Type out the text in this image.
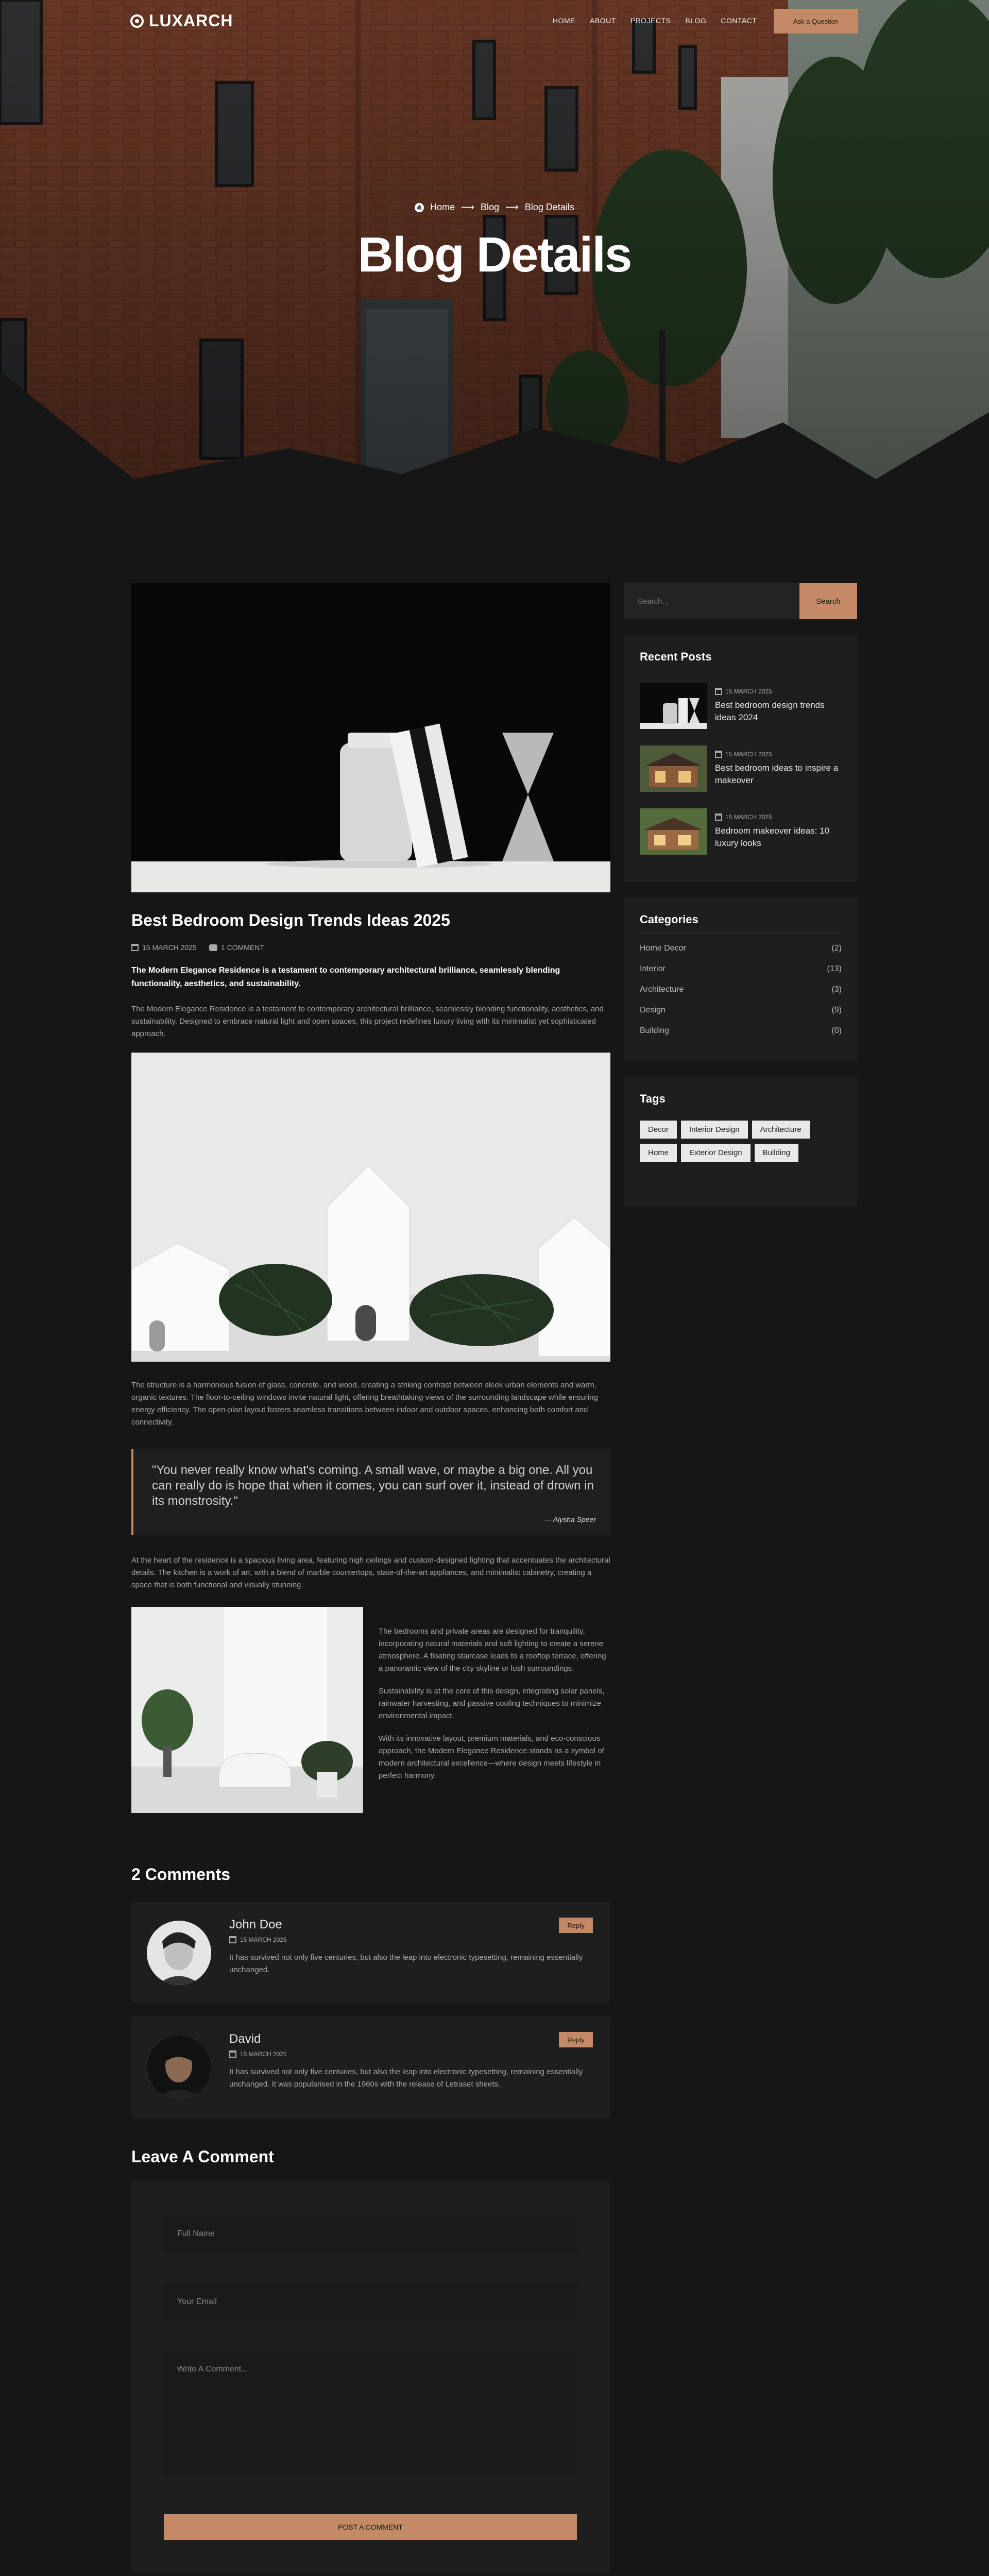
LUXARCH	HOME ABOUT PROJECTS BLOG CONTACT	Ask a Question
Home ⟶ Blog ⟶ Blog Details
Blog Details
Best Bedroom Design Trends Ideas 2025
15 MARCH 2025	1 COMMENT

The Modern Elegance Residence is a testament to contemporary architectural brilliance, seamlessly blending functionality, aesthetics, and sustainability.

The Modern Elegance Residence is a testament to contemporary architectural brilliance, seamlessly blending functionality, aesthetics, and sustainability. Designed to embrace natural light and open spaces, this project redefines luxury living with its minimalist yet sophisticated approach.

The structure is a harmonious fusion of glass, concrete, and wood, creating a striking contrast between sleek urban elements and warm, organic textures. The floor-to-ceiling windows invite natural light, offering breathtaking views of the surrounding landscape while ensuring energy efficiency. The open-plan layout fosters seamless transitions between indoor and outdoor spaces, enhancing both comfort and connectivity.

"You never really know what's coming. A small wave, or maybe a big one. All you can really do is hope that when it comes, you can surf over it, instead of drown in its monstrosity."

— Alysha Speer

At the heart of the residence is a spacious living area, featuring high ceilings and custom-designed lighting that accentuates the architectural details. The kitchen is a work of art, with a blend of marble countertops, state-of-the-art appliances, and minimalist cabinetry, creating a space that is both functional and visually stunning.

The bedrooms and private areas are designed for tranquility, incorporating natural materials and soft lighting to create a serene atmosphere. A floating staircase leads to a rooftop terrace, offering a panoramic view of the city skyline or lush surroundings.

Sustainability is at the core of this design, integrating solar panels, rainwater harvesting, and passive cooling techniques to minimize environmental impact.

With its innovative layout, premium materials, and eco-conscious approach, the Modern Elegance Residence stands as a symbol of modern architectural excellence—where design meets lifestyle in perfect harmony.

Search...
Search
Recent Posts
15 MARCH 2025
Best bedroom design trends ideas 2024
15 MARCH 2025
Best bedroom ideas to inspire a makeover
15 MARCH 2025
Bedroom makeover ideas: 10 luxury looks
Categories
Home Decor	(2)
Interior	(13)
Architecture	(3)
Design	(9)
Building	(0)
Tags
Decor	Interior Design	ArchitectureHome	Exterior Design	Building
2 Comments
John Doe
15 MARCH 2025

It has survived not only five centuries, but also the leap into electronic typesetting, remaining essentially unchanged.

Reply
David
15 MARCH 2025

It has survived not only five centuries, but also the leap into electronic typesetting, remaining essentially unchanged. It was popularised in the 1960s with the release of Letraset sheets.

Reply
Leave A Comment
Full Name
Your Email
Write A Comment...
POST A COMMENT
